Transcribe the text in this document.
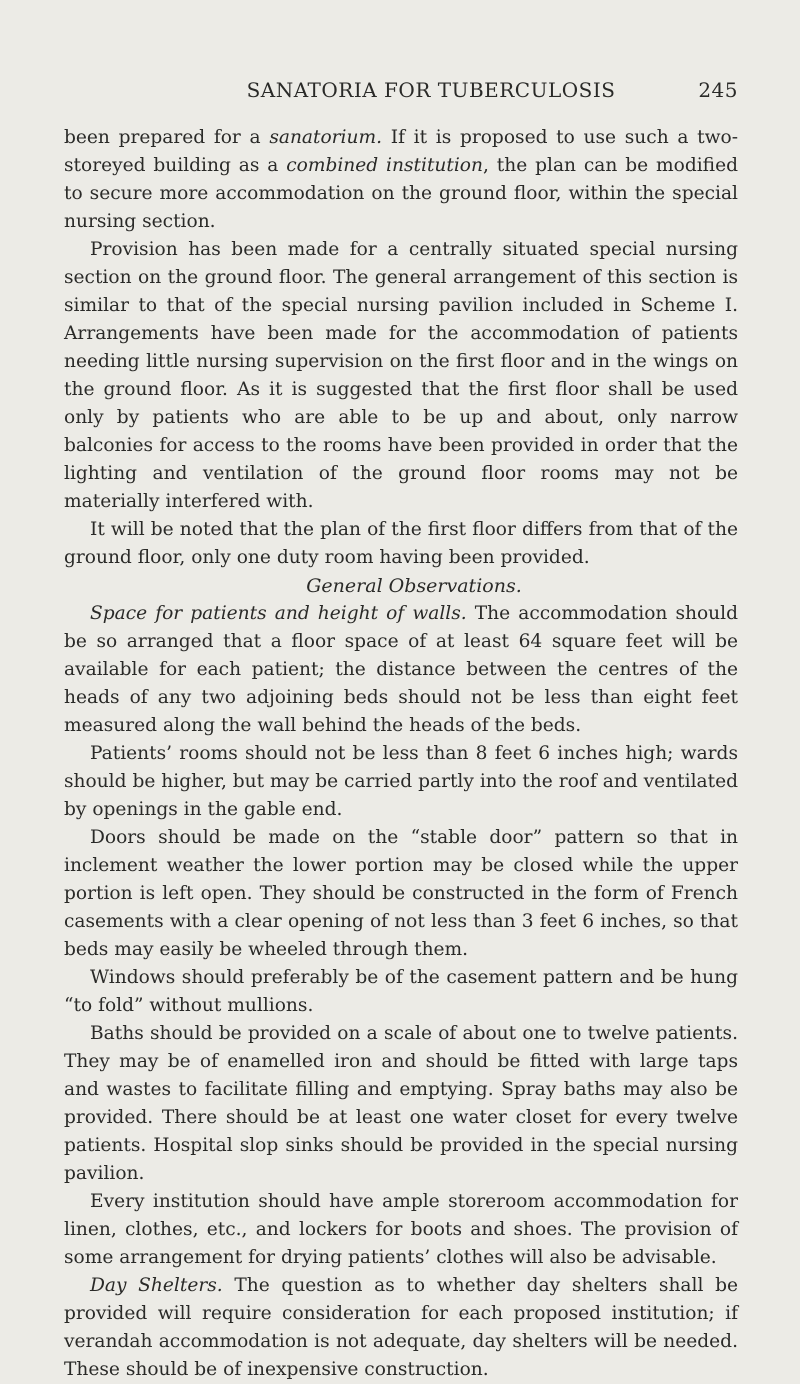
SANATORIA FOR TUBERCULOSIS	245

been prepared for a sanatorium. If it is proposed to use such a two-storeyed building as a combined institution, the plan can be modified to secure more accommodation on the ground floor, within the special nursing section.

Provision has been made for a centrally situated special nursing section on the ground floor. The general arrangement of this section is similar to that of the special nursing pavilion included in Scheme I. Arrangements have been made for the accommodation of patients needing little nursing supervision on the first floor and in the wings on the ground floor. As it is suggested that the first floor shall be used only by patients who are able to be up and about, only narrow balconies for access to the rooms have been provided in order that the lighting and ventilation of the ground floor rooms may not be materially interfered with.

It will be noted that the plan of the first floor differs from that of the ground floor, only one duty room having been provided.

General Observations.

Space for patients and height of walls. The accommodation should be so arranged that a floor space of at least 64 square feet will be available for each patient; the distance between the centres of the heads of any two adjoining beds should not be less than eight feet measured along the wall behind the heads of the beds.

Patients’ rooms should not be less than 8 feet 6 inches high; wards should be higher, but may be carried partly into the roof and ventilated by openings in the gable end.

Doors should be made on the “stable door” pattern so that in inclement weather the lower portion may be closed while the upper portion is left open. They should be constructed in the form of French casements with a clear opening of not less than 3 feet 6 inches, so that beds may easily be wheeled through them.

Windows should preferably be of the casement pattern and be hung “to fold” without mullions.

Baths should be provided on a scale of about one to twelve patients. They may be of enamelled iron and should be fitted with large taps and wastes to facilitate filling and emptying. Spray baths may also be provided. There should be at least one water closet for every twelve patients. Hospital slop sinks should be provided in the special nursing pavilion.

Every institution should have ample storeroom accommodation for linen, clothes, etc., and lockers for boots and shoes. The provision of some arrangement for drying patients’ clothes will also be advisable.

Day Shelters. The question as to whether day shelters shall be provided will require consideration for each proposed institution; if verandah accommodation is not adequate, day shelters will be needed. These should be of inexpensive construction.
